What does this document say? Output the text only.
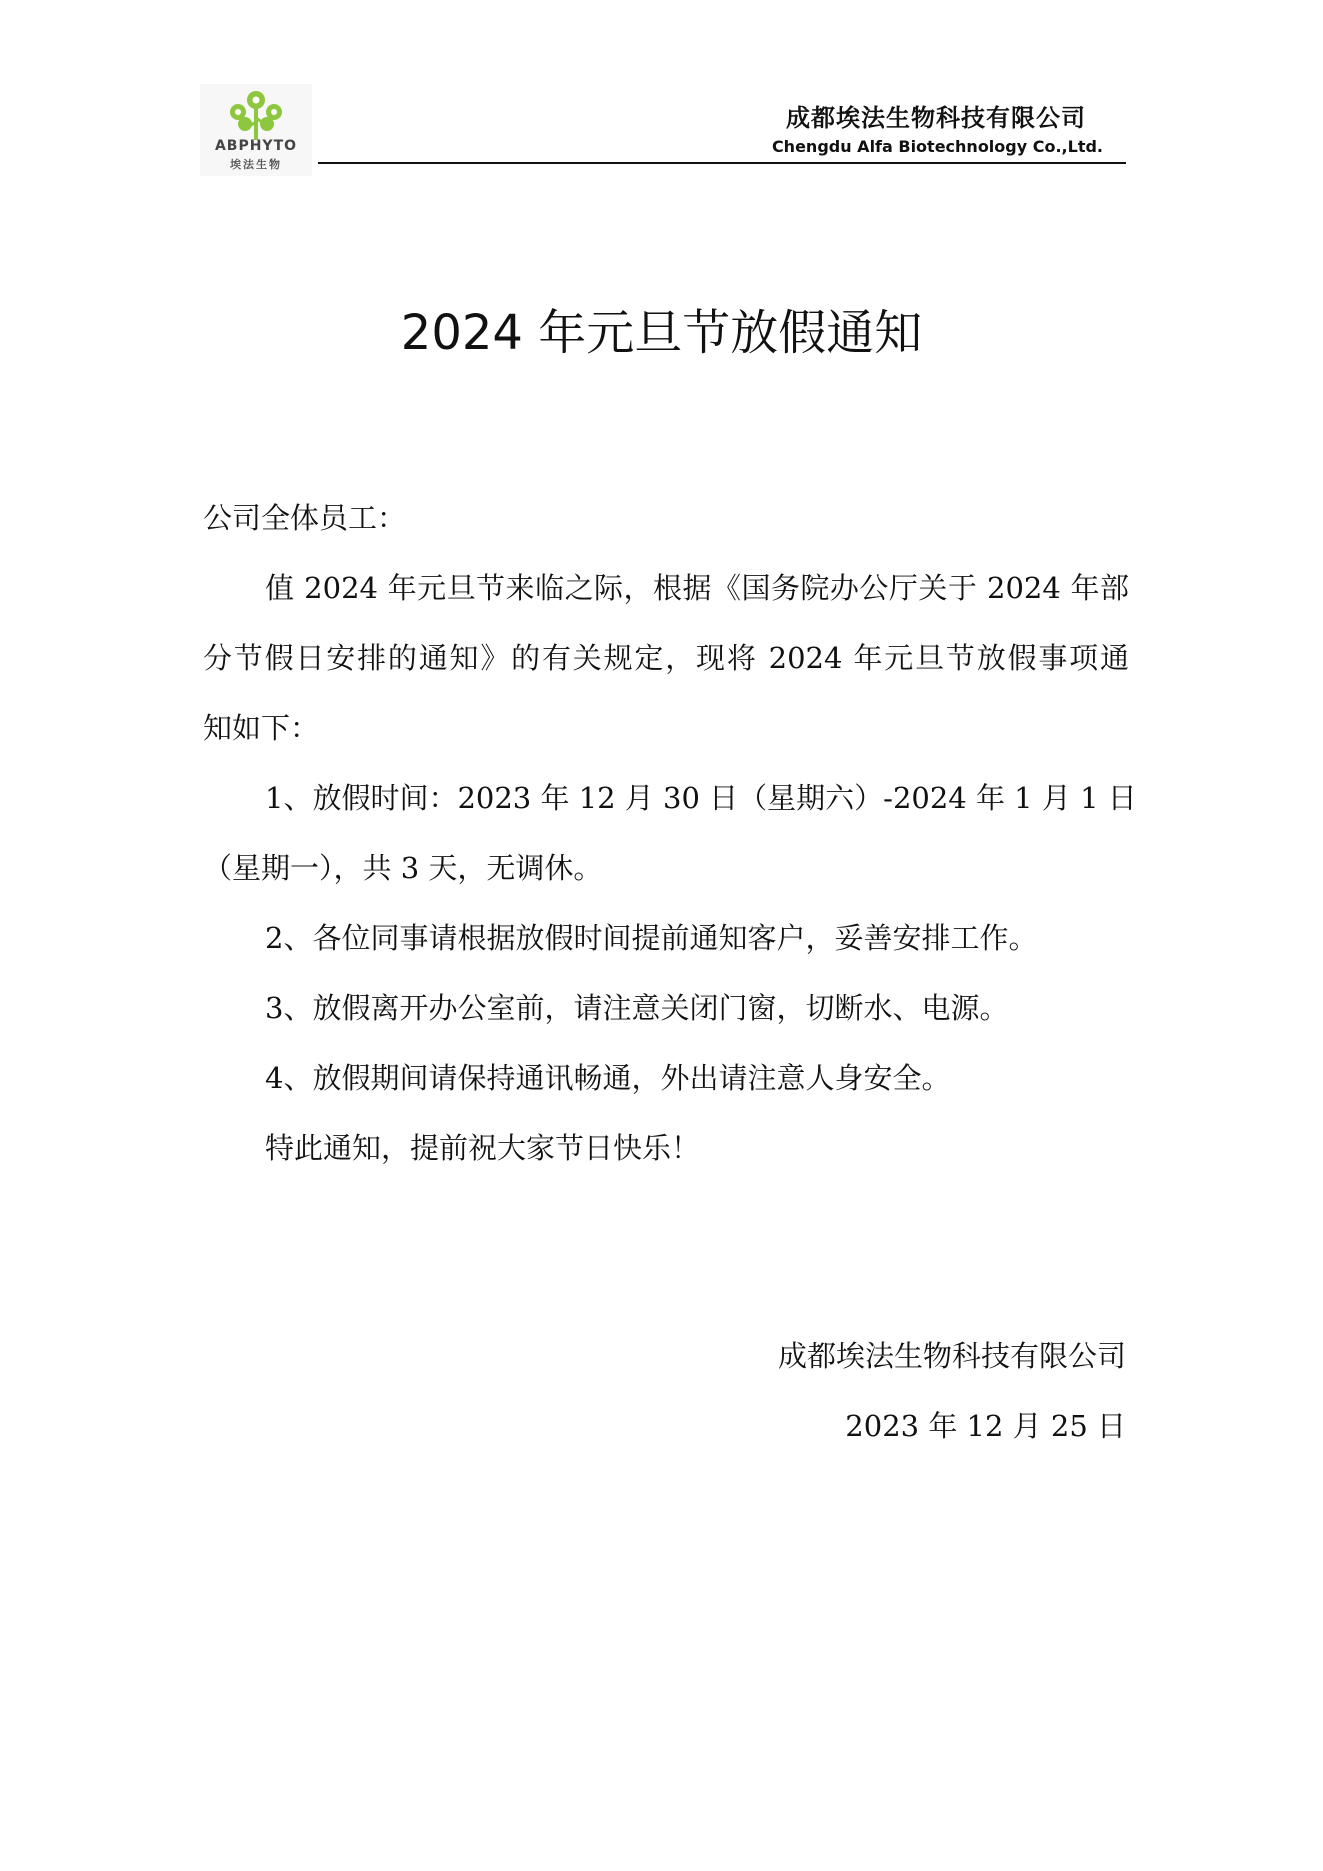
ABPHYTO
埃法生物
成都埃法生物科技有限公司
Chengdu Alfa Biotechnology Co.,Ltd.
2024 年元旦节放假通知
公司全体员工：
值 2024 年元旦节来临之际，根据《国务院办公厅关于 2024 年部
分节假日安排的通知》的有关规定，现将 2024 年元旦节放假事项通
知如下：
1、放假时间：2023 年 12 月 30 日（星期六）-2024 年 1 月 1 日
（星期一），共 3 天，无调休。
2、各位同事请根据放假时间提前通知客户，妥善安排工作。
3、放假离开办公室前，请注意关闭门窗，切断水、电源。
4、放假期间请保持通讯畅通，外出请注意人身安全。
特此通知，提前祝大家节日快乐！
成都埃法生物科技有限公司
2023 年 12 月 25 日
